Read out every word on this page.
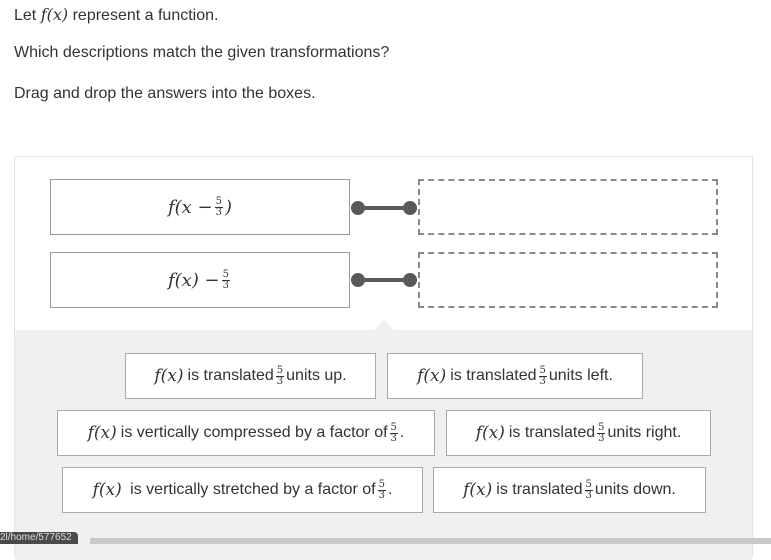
Let f(x) represent a function.

Which descriptions match the given transformations?

Drag and drop the answers into the boxes.

f ($x - \frac{5}{3}$ )
f $(x) - \frac{5}{3}$
f(x) is translated $\frac{5}{3}$ units up.	f(x) is translated $\frac{5}{3}$ units left.
f(x) is vertically compressed by a factor of $\frac{5}{3}$ .	f(x) is translated $\frac{5}{3}$ units right.
f(x) is vertically stretched by a factor of $\frac{5}{3}$ .	f(x) is translated $\frac{5}{3}$ units down.
2l/home/577652
